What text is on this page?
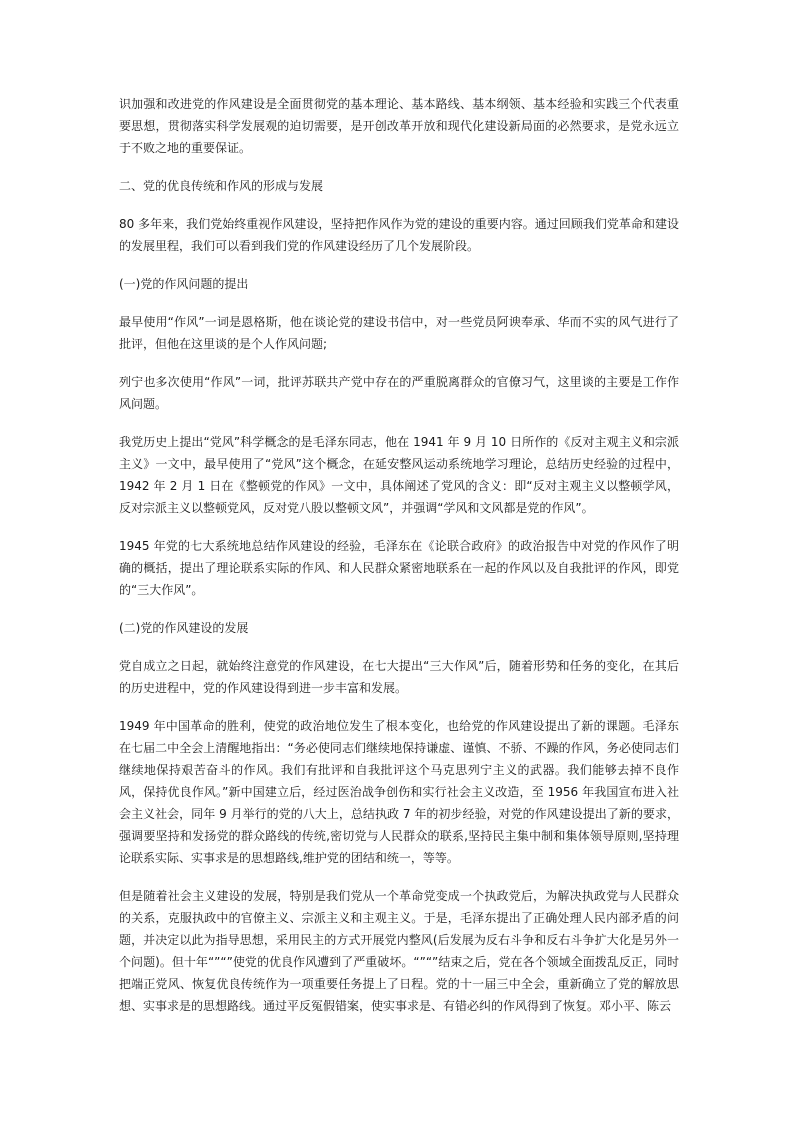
识加强和改进党的作风建设是全面贯彻党的基本理论、基本路线、基本纲领、基本经验和实践三个代表重要思想，贯彻落实科学发展观的迫切需要，是开创改革开放和现代化建设新局面的必然要求，是党永远立于不败之地的重要保证。

二、党的优良传统和作风的形成与发展

80 多年来，我们党始终重视作风建设，坚持把作风作为党的建设的重要内容。通过回顾我们党革命和建设的发展里程，我们可以看到我们党的作风建设经历了几个发展阶段。

(一)党的作风问题的提出

最早使用“作风”一词是恩格斯，他在谈论党的建设书信中，对一些党员阿谀奉承、华而不实的风气进行了批评，但他在这里谈的是个人作风问题;

列宁也多次使用“作风”一词，批评苏联共产党中存在的严重脱离群众的官僚习气，这里谈的主要是工作作风问题。

我党历史上提出“党风”科学概念的是毛泽东同志，他在 1941 年 9 月 10 日所作的《反对主观主义和宗派主义》一文中，最早使用了“党风”这个概念，在延安整风运动系统地学习理论，总结历史经验的过程中，1942 年 2 月 1 日在《整顿党的作风》一文中，具体阐述了党风的含义：即“反对主观主义以整顿学风，反对宗派主义以整顿党风，反对党八股以整顿文风”，并强调“学风和文风都是党的作风”。

1945 年党的七大系统地总结作风建设的经验，毛泽东在《论联合政府》的政治报告中对党的作风作了明确的概括，提出了理论联系实际的作风、和人民群众紧密地联系在一起的作风以及自我批评的作风，即党的“三大作风”。

(二)党的作风建设的发展

党自成立之日起，就始终注意党的作风建设，在七大提出“三大作风”后，随着形势和任务的变化，在其后的历史进程中，党的作风建设得到进一步丰富和发展。

1949 年中国革命的胜利，使党的政治地位发生了根本变化，也给党的作风建设提出了新的课题。毛泽东在七届二中全会上清醒地指出：“务必使同志们继续地保持谦虚、谨慎、不骄、不躁的作风，务必使同志们继续地保持艰苦奋斗的作风。我们有批评和自我批评这个马克思列宁主义的武器。我们能够去掉不良作风，保持优良作风。”新中国建立后，经过医治战争创伤和实行社会主义改造，至 1956 年我国宣布进入社会主义社会，同年 9 月举行的党的八大上，总结执政 7 年的初步经验，对党的作风建设提出了新的要求，强调要坚持和发扬党的群众路线的传统,密切党与人民群众的联系,坚持民主集中制和集体领导原则,坚持理论联系实际、实事求是的思想路线,维护党的团结和统一，等等。

但是随着社会主义建设的发展，特别是我们党从一个革命党变成一个执政党后，为解决执政党与人民群众的关系，克服执政中的官僚主义、宗派主义和主观主义。于是，毛泽东提出了正确处理人民内部矛盾的问题，并决定以此为指导思想，采用民主的方式开展党内整风(后发展为反右斗争和反右斗争扩大化是另外一个问题)。但十年“”“”使党的优良作风遭到了严重破坏。“”“”结束之后，党在各个领域全面拨乱反正，同时把端正党风、恢复优良传统作为一项重要任务提上了日程。党的十一届三中全会，重新确立了党的解放思想、实事求是的思想路线。通过平反冤假错案，使实事求是、有错必纠的作风得到了恢复。邓小平、陈云
